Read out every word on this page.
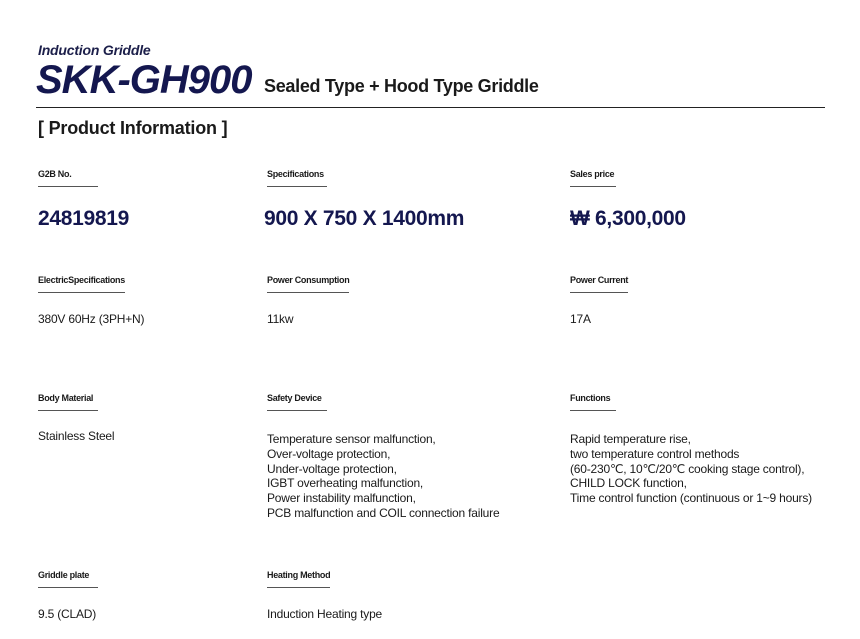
Induction Griddle
SKK-GH900 Sealed Type + Hood Type Griddle
[ Product Information ]
G2B No.
24819819
Specifications
900 X 750 X 1400mm
Sales price
₩ 6,300,000
ElectricSpecifications
380V 60Hz (3PH+N)
Power Consumption
11kw
Power Current
17A
Body Material
Stainless Steel
Safety Device
Temperature sensor malfunction,
Over-voltage protection,
Under-voltage protection,
IGBT overheating malfunction,
Power instability malfunction,
PCB malfunction and COIL connection failure
Functions
Rapid temperature rise,
two temperature control methods
(60-230℃, 10℃/20℃ cooking stage control),
CHILD LOCK function,
Time control function (continuous or 1~9 hours)
Griddle plate
9.5 (CLAD)
Heating Method
Induction Heating type
